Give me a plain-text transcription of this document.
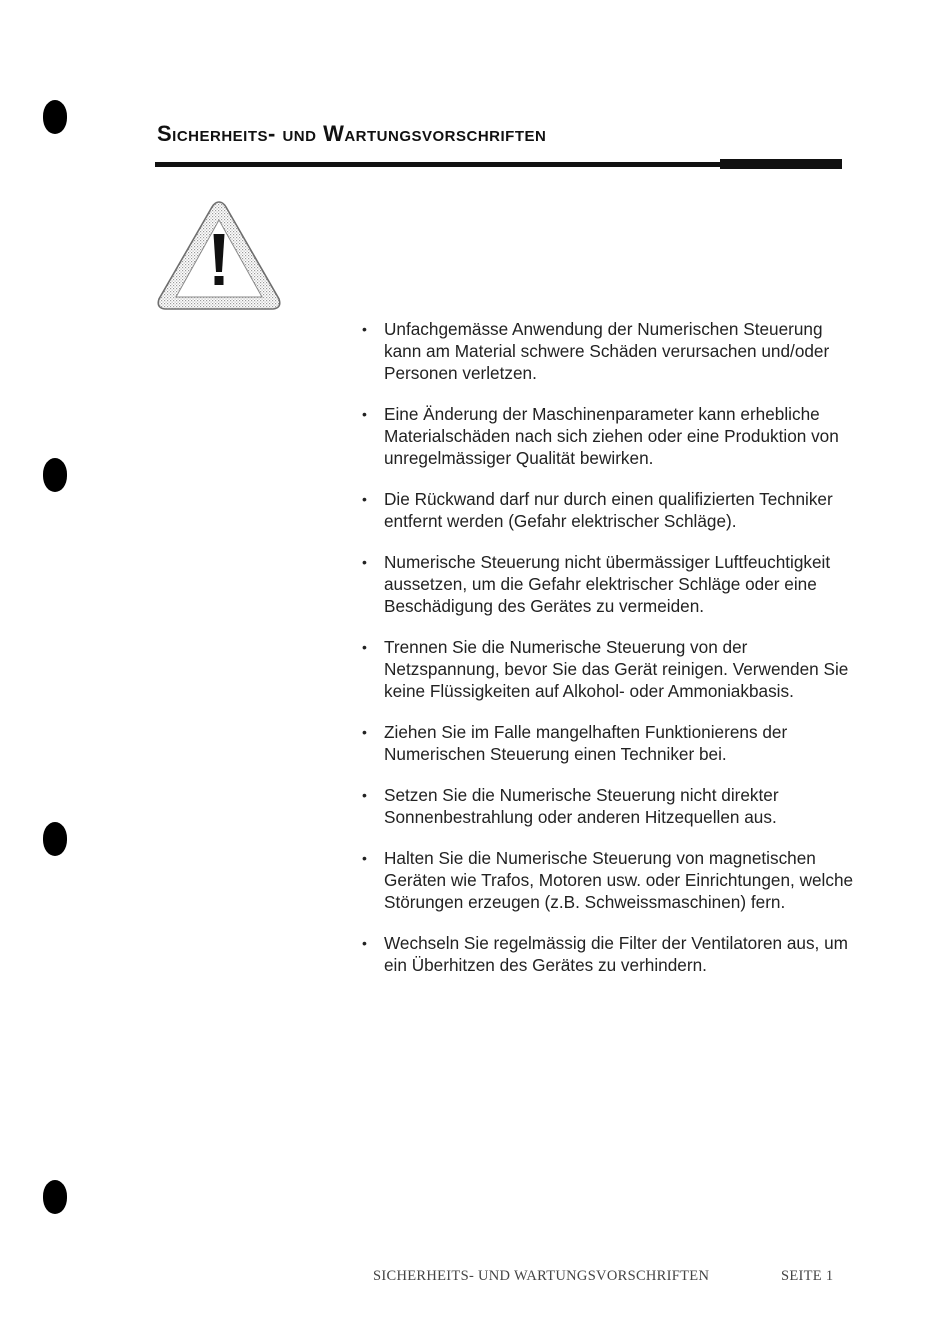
Sicherheits- und Wartungsvorschriften
• Unfachgemässe Anwendung der Numerischen Steuerung kann am Material schwere Schäden verursachen und/oder Personen verletzen.
• Eine Änderung der Maschinenparameter kann erhebliche Materialschäden nach sich ziehen oder eine Produktion von unregelmässiger Qualität bewirken.
• Die Rückwand darf nur durch einen qualifizierten Techniker entfernt werden (Gefahr elektrischer Schläge).
• Numerische Steuerung nicht übermässiger Luftfeuchtigkeit aussetzen, um die Gefahr elektrischer Schläge oder eine Beschädigung des Gerätes zu vermeiden.
• Trennen Sie die Numerische Steuerung von der Netzspannung, bevor Sie das Gerät reinigen. Verwenden Sie keine Flüssigkeiten auf Alkohol- oder Ammoniakbasis.
• Ziehen Sie im Falle mangelhaften Funktionierens der Numerischen Steuerung einen Techniker bei.
• Setzen Sie die Numerische Steuerung nicht direkter Sonnenbestrahlung oder anderen Hitzequellen aus.
• Halten Sie die Numerische Steuerung von magnetischen Geräten wie Trafos, Motoren usw. oder Einrichtungen, welche Störungen erzeugen (z.B. Schweissmaschinen) fern.
• Wechseln Sie regelmässig die Filter der Ventilatoren aus, um ein Überhitzen des Gerätes zu verhindern.
SICHERHEITS- UND WARTUNGSVORSCHRIFTEN	SEITE 1
